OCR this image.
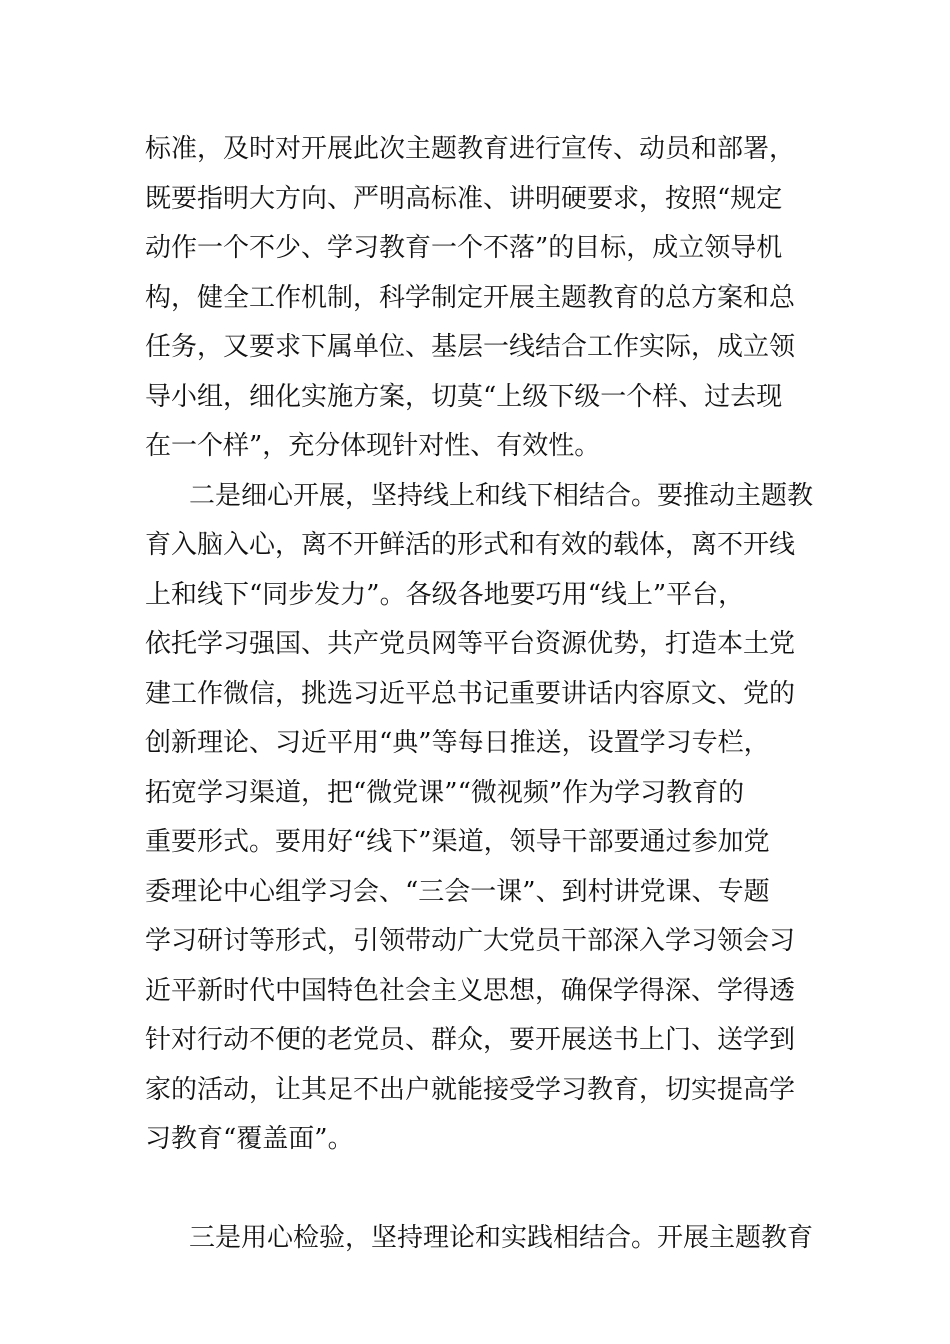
标准，及时对开展此次主题教育进行宣传、动员和部署，
既要指明大方向、严明高标准、讲明硬要求，按照“规定
动作一个不少、学习教育一个不落”的目标，成立领导机
构，健全工作机制，科学制定开展主题教育的总方案和总
任务，又要求下属单位、基层一线结合工作实际，成立领
导小组，细化实施方案，切莫“上级下级一个样、过去现
在一个样”，充分体现针对性、有效性。
二是细心开展，坚持线上和线下相结合。要推动主题教
育入脑入心，离不开鲜活的形式和有效的载体，离不开线
上和线下“同步发力”。各级各地要巧用“线上”平台，
依托学习强国、共产党员网等平台资源优势，打造本土党
建工作微信，挑选习近平总书记重要讲话内容原文、党的
创新理论、习近平用“典”等每日推送，设置学习专栏，
拓宽学习渠道，把“微党课”“微视频”作为学习教育的
重要形式。要用好“线下”渠道，领导干部要通过参加党
委理论中心组学习会、“三会一课”、到村讲党课、专题
学习研讨等形式，引领带动广大党员干部深入学习领会习
近平新时代中国特色社会主义思想，确保学得深、学得透
针对行动不便的老党员、群众，要开展送书上门、送学到
家的活动，让其足不出户就能接受学习教育，切实提高学
习教育“覆盖面”。
三是用心检验，坚持理论和实践相结合。开展主题教育
